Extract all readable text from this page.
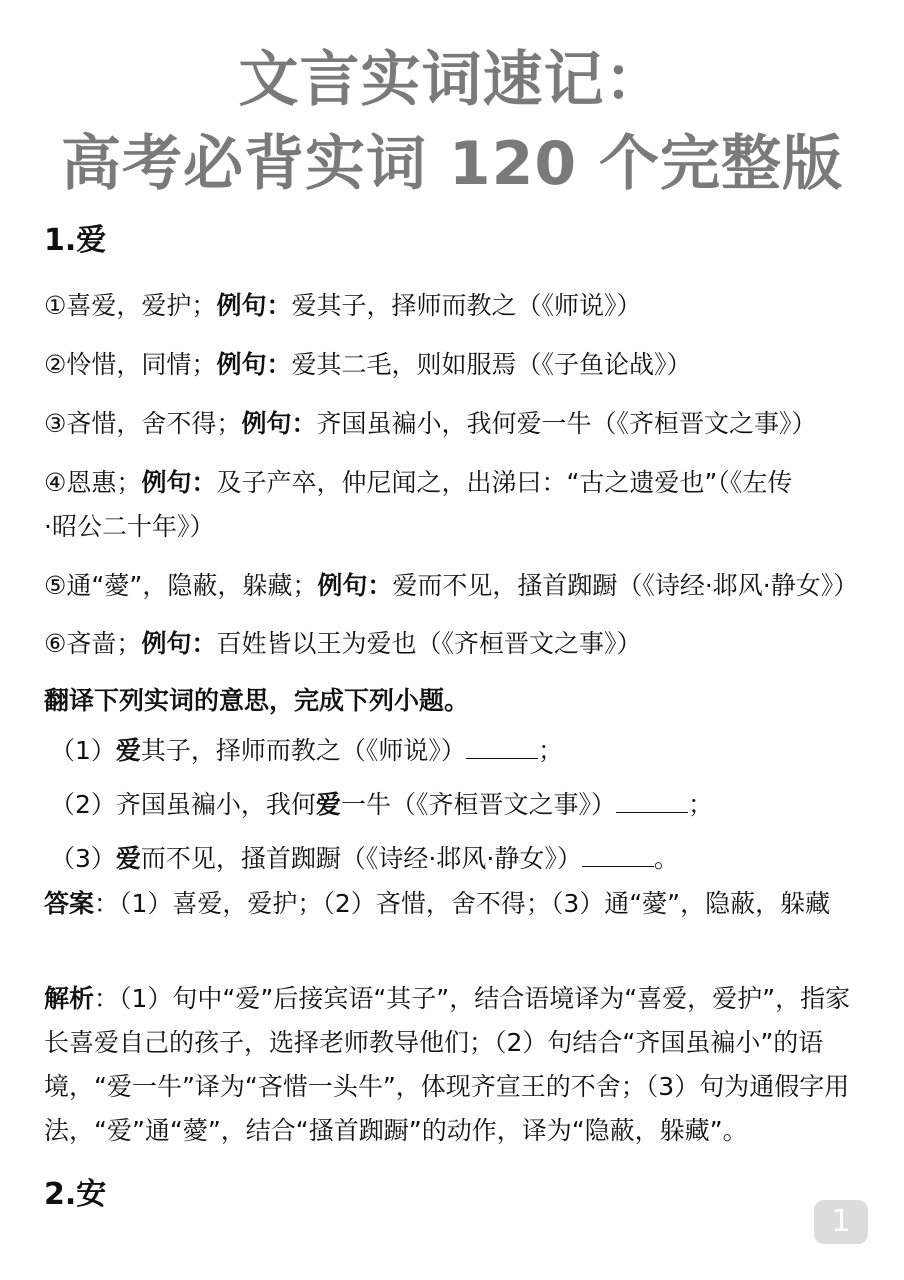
文言实词速记：
高考必背实词 120 个完整版
1.爱
①喜爱，爱护；例句：爱其子，择师而教之（《师说》）
②怜惜，同情；例句：爱其二毛，则如服焉（《子鱼论战》）
③吝惜，舍不得；例句：齐国虽褊小，我何爱一牛（《齐桓晋文之事》）
④恩惠；例句：及子产卒，仲尼闻之，出涕曰：“古之遗爱也”（《左传
·昭公二十年》）
⑤通“薆”，隐蔽，躲藏；例句：爱而不见，搔首踟蹰（《诗经·邶风·静女》）
⑥吝啬；例句：百姓皆以王为爱也（《齐桓晋文之事》）
翻译下列实词的意思，完成下列小题。
（1）爱其子，择师而教之（《师说》）	；
（2）齐国虽褊小，我何爱一牛（《齐桓晋文之事》）	；
（3）爱而不见，搔首踟蹰（《诗经·邶风·静女》）	。
答案：（1）喜爱，爱护；（2）吝惜，舍不得；（3）通“薆”，隐蔽，躲藏
解析：（1）句中“爱”后接宾语“其子”，结合语境译为“喜爱，爱护”，指家长喜爱自己的孩子，选择老师教导他们；（2）句结合“齐国虽褊小”的语境，“爱一牛”译为“吝惜一头牛”，体现齐宣王的不舍；（3）句为通假字用法，“爱”通“薆”，结合“搔首踟蹰”的动作，译为“隐蔽，躲藏”。
2.安
1
